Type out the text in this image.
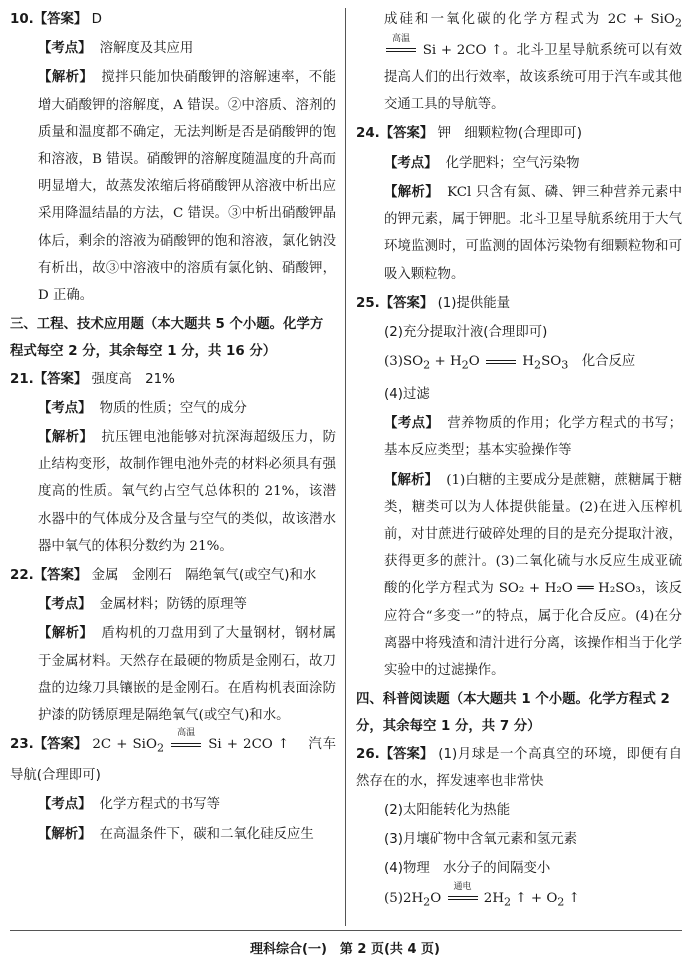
10.【答案】 D
【考点】 溶解度及其应用
【解析】 搅拌只能加快硝酸钾的溶解速率，不能增大硝酸钾的溶解度，A 错误。②中溶质、溶剂的质量和温度都不确定，无法判断是否是硝酸钾的饱和溶液，B 错误。硝酸钾的溶解度随温度的升高而明显增大，故蒸发浓缩后将硝酸钾从溶液中析出应采用降温结晶的方法，C 错误。③中析出硝酸钾晶体后，剩余的溶液为硝酸钾的饱和溶液，氯化钠没有析出，故③中溶液中的溶质有氯化钠、硝酸钾，D 正确。
三、工程、技术应用题（本大题共 5 个小题。化学方程式每空 2 分，其余每空 1 分，共 16 分）
21.【答案】 强度高　21%
【考点】 物质的性质；空气的成分
【解析】 抗压锂电池能够对抗深海超级压力，防止结构变形，故制作锂电池外壳的材料必须具有强度高的性质。氧气约占空气总体积的 21%，该潜水器中的气体成分及含量与空气的类似，故该潜水器中氧气的体积分数约为 21%。
22.【答案】 金属　金刚石　隔绝氧气(或空气)和水
【考点】 金属材料；防锈的原理等
【解析】 盾构机的刀盘用到了大量钢材，钢材属于金属材料。天然存在最硬的物质是金刚石，故刀盘的边缘刀具镶嵌的是金刚石。在盾构机表面涂防护漆的防锈原理是隔绝氧气(或空气)和水。
23.【答案】 2C + SiO$_2$
高温
Si + 2CO ↑ 　汽车导航(合理即可)
【考点】 化学方程式的书写等
【解析】 在高温条件下，碳和二氧化硅反应生
成硅和一氧化碳的化学方程式为 2C + SiO$_2$
高温
Si + 2CO ↑。北斗卫星导航系统可以有效提高人们的出行效率，故该系统可用于汽车或其他交通工具的导航等。
24.【答案】 钾　细颗粒物(合理即可)
【考点】 化学肥料；空气污染物
【解析】 KCl 只含有氮、磷、钾三种营养元素中的钾元素，属于钾肥。北斗卫星导航系统用于大气环境监测时，可监测的固体污染物有细颗粒物和可吸入颗粒物。
25.【答案】 (1)提供能量
(2)充分提取汁液(合理即可)
$(3)SO_2 + H_2O$	$H_2SO_3$　化合反应
(4)过滤
【考点】 营养物质的作用；化学方程式的书写；基本反应类型；基本实验操作等
【解析】 (1)白糖的主要成分是蔗糖，蔗糖属于糖类，糖类可以为人体提供能量。(2)在进入压榨机前，对甘蔗进行破碎处理的目的是充分提取汁液，获得更多的蔗汁。(3)二氧化硫与水反应生成亚硫酸的化学方程式为 SO₂ + H₂O ══ H₂SO₃，该反应符合“多变一”的特点，属于化合反应。(4)在分离器中将残渣和清汁进行分离，该操作相当于化学实验中的过滤操作。
四、科普阅读题（本大题共 1 个小题。化学方程式 2 分，其余每空 1 分，共 7 分）
26.【答案】 (1)月球是一个高真空的环境，即便有自然存在的水，挥发速率也非常快
(2)太阳能转化为热能
(3)月壤矿物中含氧元素和氢元素
(4)物理　水分子的间隔变小
$(5)2H_2O$
通电
$2H_2$ ↑ + $O_2$ ↑
理科综合(一)　第 2 页(共 4 页)
